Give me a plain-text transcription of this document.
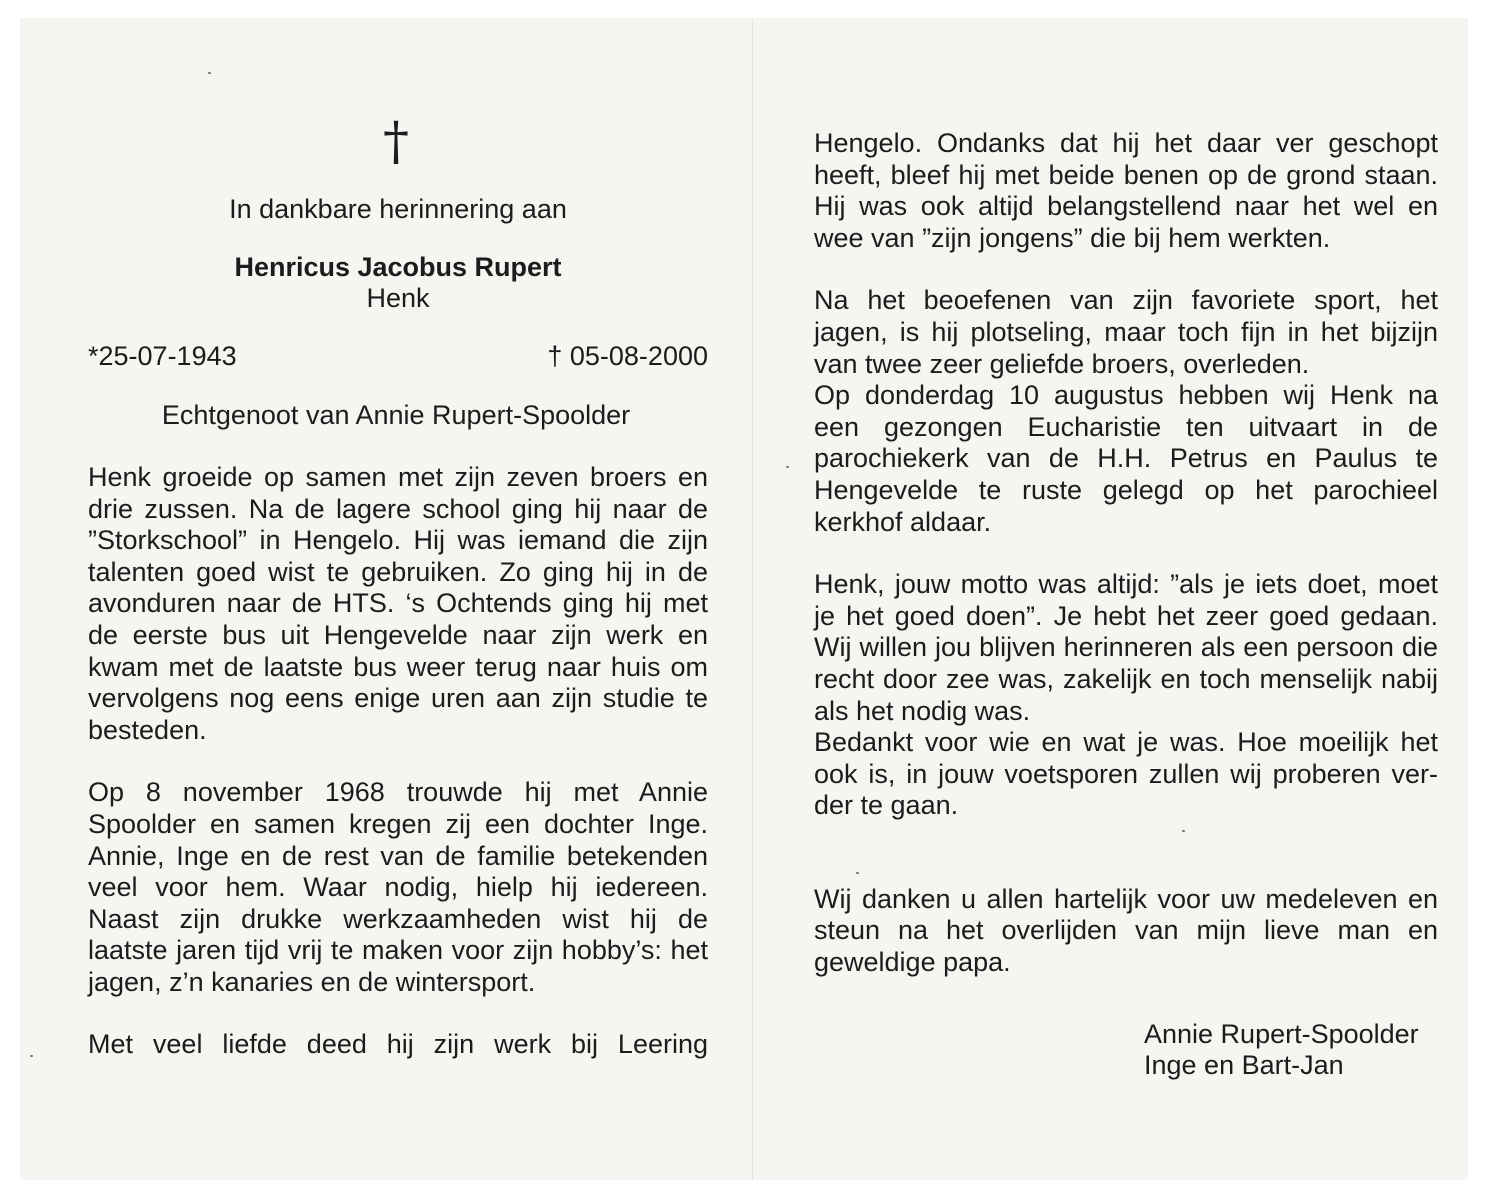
†
In dankbare herinnering aan
Henricus Jacobus Rupert
Henk
*25-07-1943	† 05-08-2000
Echtgenoot van Annie Rupert-Spoolder

Henk groeide op samen met zijn zeven broers en drie zussen. Na de lagere school ging hij naar de ”Storkschool” in Hengelo. Hij was iemand die zijn talenten goed wist te gebruiken. Zo ging hij in de avonduren naar de HTS. ‘s Ochtends ging hij met de eerste bus uit Hengevelde naar zijn werk en kwam met de laatste bus weer terug naar huis om vervolgens nog eens enige uren aan zijn studie te besteden.

Op 8 november 1968 trouwde hij met Annie Spoolder en samen kregen zij een dochter Inge. Annie, Inge en de rest van de familie betekenden veel voor hem. Waar nodig, hielp hij iedereen. Naast zijn drukke werkzaamheden wist hij de laatste jaren tijd vrij te maken voor zijn hobby’s: het jagen, z’n kanaries en de wintersport.

Met veel liefde deed hij zijn werk bij Leering

Hengelo. Ondanks dat hij het daar ver geschopt heeft, bleef hij met beide benen op de grond staan. Hij was ook altijd belangstellend naar het wel en wee van ”zijn jongens” die bij hem werkten.

Na het beoefenen van zijn favoriete sport, het jagen, is hij plotseling, maar toch fijn in het bijzijn van twee zeer geliefde broers, overleden.

Op donderdag 10 augustus hebben wij Henk na een gezongen Eucharistie ten uitvaart in de parochiekerk van de H.H. Petrus en Paulus te Hengevelde te ruste gelegd op het parochieel kerkhof aldaar.

Henk, jouw motto was altijd: ”als je iets doet, moet je het goed doen”. Je hebt het zeer goed gedaan. Wij willen jou blijven herinneren als een persoon die recht door zee was, zakelijk en toch menselijk nabij als het nodig was.

Bedankt voor wie en wat je was. Hoe moeilijk het ook is, in jouw voetsporen zullen wij proberen ver-der te gaan.

Wij danken u allen hartelijk voor uw medeleven en steun na het overlijden van mijn lieve man en geweldige papa.

Annie Rupert-Spoolder
Inge en Bart-Jan
